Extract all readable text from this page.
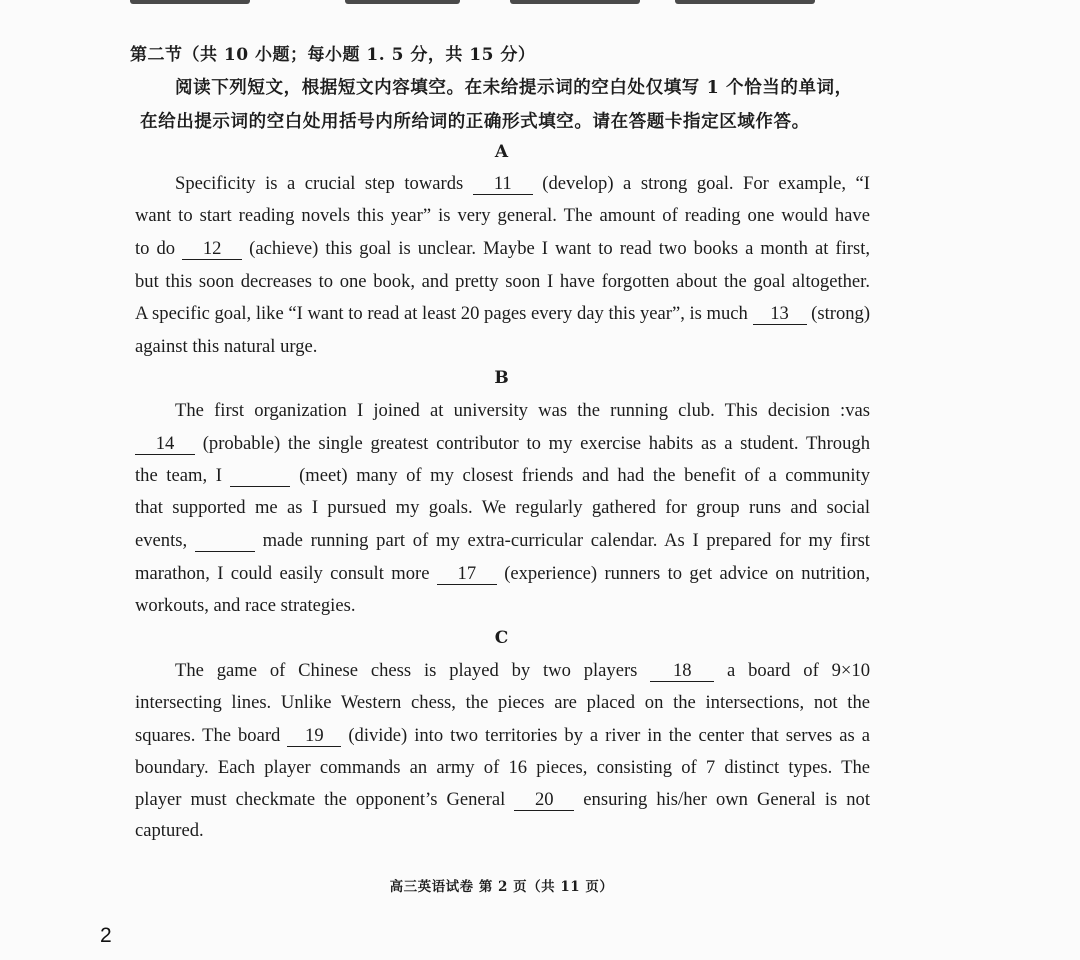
第二节（共 10 小题；每小题 1. 5 分，共 15 分）
阅读下列短文，根据短文内容填空。在未给提示词的空白处仅填写 1 个恰当的单词，
在给出提示词的空白处用括号内所给词的正确形式填空。请在答题卡指定区域作答。
A
Specificity is a crucial step towards 11 (develop) a strong goal. For example, “I
want to start reading novels this year” is very general. The amount of reading one would have
to do 12 (achieve) this goal is unclear. Maybe I want to read two books a month at first,
but this soon decreases to one book, and pretty soon I have forgotten about the goal altogether.
A specific goal, like “I want to read at least 20 pages every day this year”, is much 13 (strong)
against this natural urge.
B
The first organization I joined at university was the running club. This decision :vas
14 (probable) the single greatest contributor to my exercise habits as a student. Through
the team, I	(meet) many of my closest friends and had the benefit of a community
that supported me as I pursued my goals. We regularly gathered for group runs and social
events,	made running part of my extra-curricular calendar. As I prepared for my first
marathon, I could easily consult more 17 (experience) runners to get advice on nutrition,
workouts, and race strategies.
C
The game of Chinese chess is played by two players 18 a board of 9×10
intersecting lines. Unlike Western chess, the pieces are placed on the intersections, not the
squares. The board 19 (divide) into two territories by a river in the center that serves as a
boundary. Each player commands an army of 16 pieces, consisting of 7 distinct types. The
player must checkmate the opponent’s General 20 ensuring his/her own General is not
captured.
高三英语试卷 第 2 页（共 11 页）
2
